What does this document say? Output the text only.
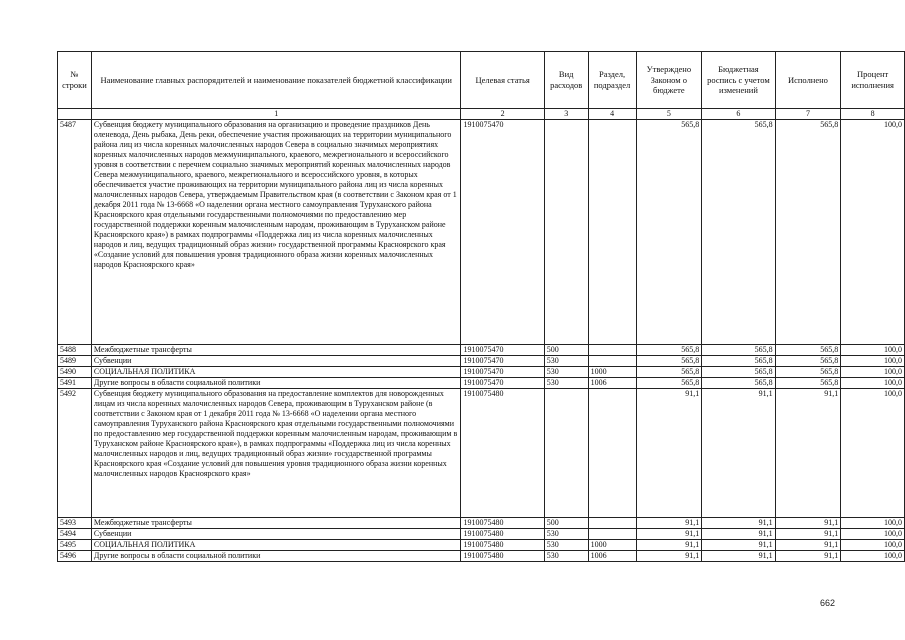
№ строки	Наименование главных распорядителей и наименование показателей бюджетной классификации	Целевая статья	Вид расходов	Раздел, подраздел	Утверждено Законом о бюджете	Бюджетная роспись с учетом изменений	Исполнено	Процент исполнения
	1	2	3	4	5	6	7	8
5487	Субвенция бюджету муниципального образования на организацию и проведение праздников День оленевода, День рыбака, День реки, обеспечение участия проживающих на территории муниципального района лиц из числа коренных малочисленных народов Севера в социально значимых мероприятиях коренных малочисленных народов межмуниципального, краевого, межрегионального и всероссийского уровня в соответствии с перечнем социально значимых мероприятий коренных малочисленных народов Севера межмуниципального, краевого, межрегионального и всероссийского уровня, в которых обеспечивается участие проживающих на территории муниципального района лиц из числа коренных малочисленных народов Севера, утверждаемым Правительством края (в соответствии с Законом края от 1 декабря 2011 года № 13-6668 «О наделении органа местного самоуправления Туруханского района Красноярского края отдельными государственными полномочиями по предоставлению мер государственной поддержки коренным малочисленным народам, проживающим в Туруханском районе Красноярского края») в рамках подпрограммы «Поддержка лиц из числа коренных малочисленных народов и лиц, ведущих традиционный образ жизни» государственной программы Красноярского края «Создание условий для повышения уровня традиционного образа жизни коренных малочисленных народов Красноярского края»	1910075470			565,8	565,8	565,8	100,0
5488	Межбюджетные трансферты	1910075470	500		565,8	565,8	565,8	100,0
5489	Субвенции	1910075470	530		565,8	565,8	565,8	100,0
5490	СОЦИАЛЬНАЯ ПОЛИТИКА	1910075470	530	1000	565,8	565,8	565,8	100,0
5491	Другие вопросы в области социальной политики	1910075470	530	1006	565,8	565,8	565,8	100,0
5492	Субвенция бюджету муниципального образования на предоставление комплектов для новорожденных лицам из числа коренных малочисленных народов Севера, проживающим в Туруханском районе (в соответствии с Законом края от 1 декабря 2011 года № 13-6668 «О наделении органа местного самоуправления Туруханского района Красноярского края отдельными государственными полномочиями по предоставлению мер государственной поддержки коренным малочисленным народам, проживающим в Туруханском районе Красноярского края»), в рамках подпрограммы «Поддержка лиц из числа коренных малочисленных народов и лиц, ведущих традиционный образ жизни» государственной программы Красноярского края «Создание условий для повышения уровня традиционного образа жизни коренных малочисленных народов Красноярского края»	1910075480			91,1	91,1	91,1	100,0
5493	Межбюджетные трансферты	1910075480	500		91,1	91,1	91,1	100,0
5494	Субвенции	1910075480	530		91,1	91,1	91,1	100,0
5495	СОЦИАЛЬНАЯ ПОЛИТИКА	1910075480	530	1000	91,1	91,1	91,1	100,0
5496	Другие вопросы в области социальной политики	1910075480	530	1006	91,1	91,1	91,1	100,0
662
